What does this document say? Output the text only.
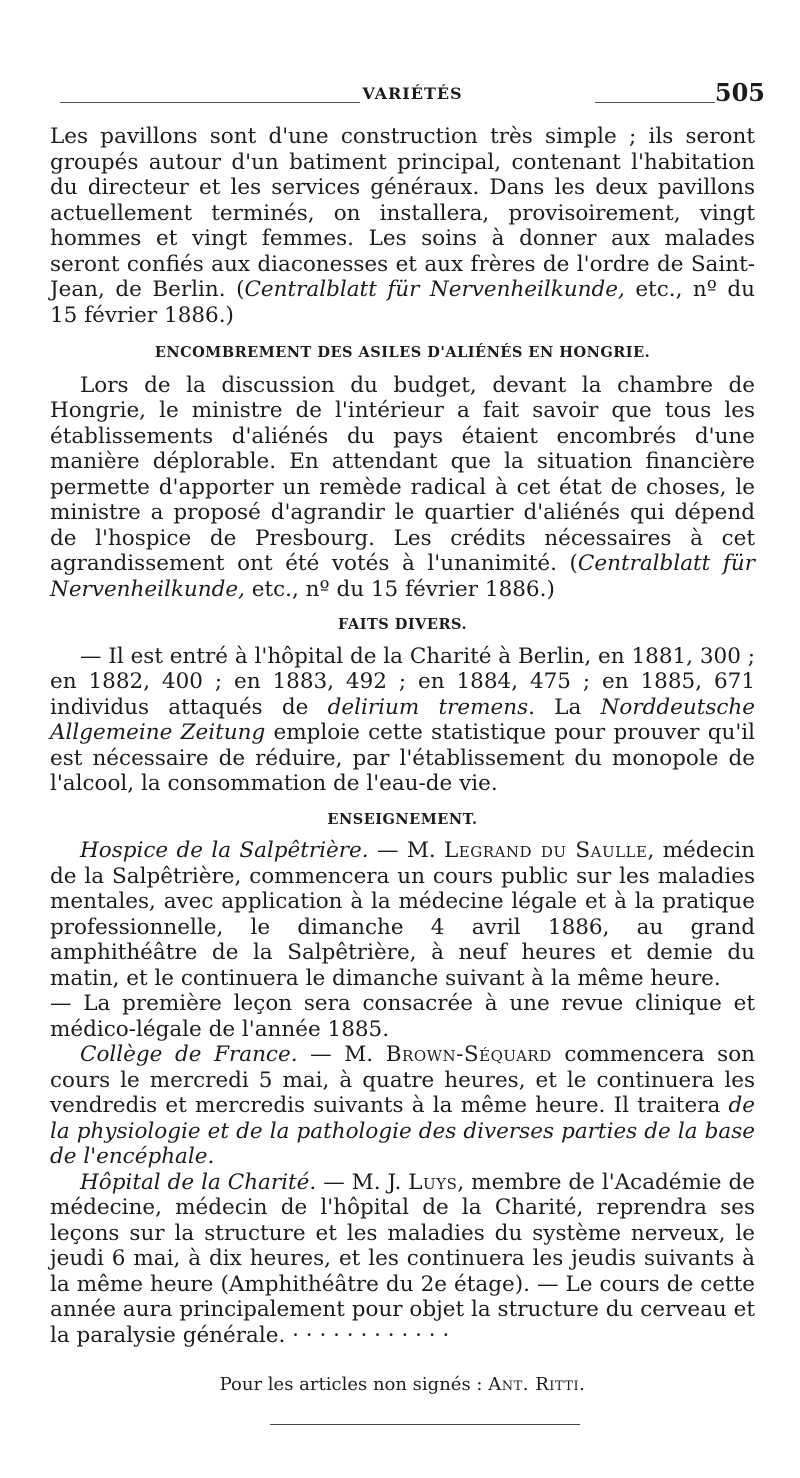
VARIÉTÉS	505

Les pavillons sont d'une construction très simple ; ils seront groupés autour d'un batiment principal, contenant l'habitation du directeur et les services généraux. Dans les deux pavillons actuellement terminés, on installera, provisoirement, vingt hommes et vingt femmes. Les soins à donner aux malades seront confiés aux diaconesses et aux frères de l'ordre de Saint-Jean, de Berlin. (Centralblatt für Nervenheilkunde, etc., nº du 15 février 1886.)

ENCOMBREMENT DES ASILES D'ALIÉNÉS EN HONGRIE.

Lors de la discussion du budget, devant la chambre de Hongrie, le ministre de l'intérieur a fait savoir que tous les établissements d'aliénés du pays étaient encombrés d'une manière déplorable. En attendant que la situation financière permette d'apporter un remède radical à cet état de choses, le ministre a proposé d'agrandir le quartier d'aliénés qui dépend de l'hospice de Presbourg. Les crédits nécessaires à cet agrandissement ont été votés à l'unanimité. (Centralblatt für Nervenheilkunde, etc., nº du 15 février 1886.)

FAITS DIVERS.

— Il est entré à l'hôpital de la Charité à Berlin, en 1881, 300 ; en 1882, 400 ; en 1883, 492 ; en 1884, 475 ; en 1885, 671 individus attaqués de delirium tremens. La Norddeutsche Allgemeine Zeitung emploie cette statistique pour prouver qu'il est nécessaire de réduire, par l'établissement du monopole de l'alcool, la consommation de l'eau-de vie.

ENSEIGNEMENT.

Hospice de la Salpêtrière. — M. Legrand du Saulle, médecin de la Salpêtrière, commencera un cours public sur les maladies mentales, avec application à la médecine légale et à la pratique professionnelle, le dimanche 4 avril 1886, au grand amphithéâtre de la Salpêtrière, à neuf heures et demie du matin, et le continuera le dimanche suivant à la même heure.
— La première leçon sera consacrée à une revue clinique et médico-légale de l'année 1885.

Collège de France. — M. Brown-Séquard commencera son cours le mercredi 5 mai, à quatre heures, et le continuera les vendredis et mercredis suivants à la même heure. Il traitera de la physiologie et de la pathologie des diverses parties de la base de l'encéphale.

Hôpital de la Charité. — M. J. Luys, membre de l'Académie de médecine, médecin de l'hôpital de la Charité, reprendra ses leçons sur la structure et les maladies du système nerveux, le jeudi 6 mai, à dix heures, et les continuera les jeudis suivants à la même heure (Amphithéâtre du 2e étage). — Le cours de cette année aura principalement pour objet la structure du cerveau et la paralysie générale. · · · · · · · · · · · ·

Pour les articles non signés : Ant. Ritti.
